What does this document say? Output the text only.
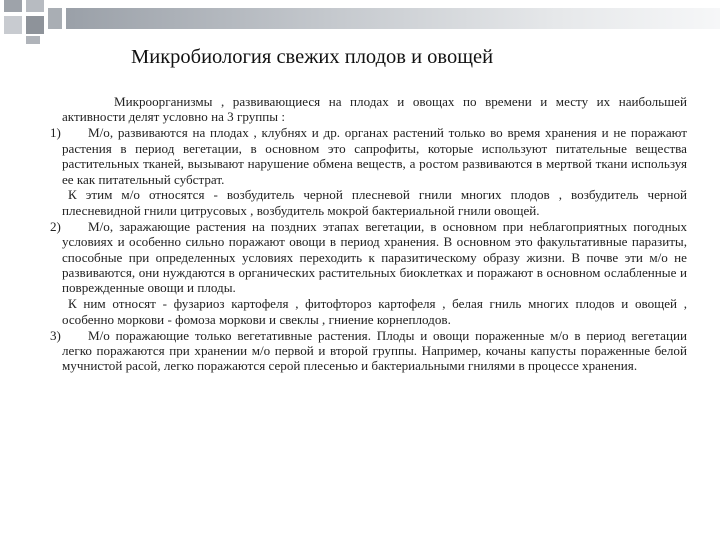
Микробиология свежих плодов и овощей

Микроорганизмы , развивающиеся на плодах и овощах по времени и месту их наибольшей активности делят условно на 3 группы :

1) М/о, развиваются на плодах , клубнях и др. органах растений только во время хранения и не поражают растения в период вегетации, в основном это сапрофиты, которые используют питательные вещества растительных тканей, вызывают нарушение обмена веществ, а ростом развиваются в мертвой ткани используя ее как питательный субстрат.

К этим м/о относятся - возбудитель черной плесневой гнили многих плодов , возбудитель черной плесневидной гнили цитрусовых , возбудитель мокрой бактериальной гнили овощей.

2) М/о, заражающие растения на поздних этапах вегетации, в основном при неблагоприятных погодных условиях и особенно сильно поражают овощи в период хранения. В основном это факультативные паразиты, способные при определенных условиях переходить к паразитическому образу жизни. В почве эти м/о не развиваются, они нуждаются в органических растительных биоклетках и поражают в основном ослабленные и поврежденные овощи и плоды.

К ним относят - фузариоз картофеля , фитофтороз картофеля , белая гниль многих плодов и овощей , особенно моркови - фомоза моркови и свеклы , гниение корнеплодов.

3) М/о поражающие только вегетативные растения. Плоды и овощи пораженные м/о в период вегетации легко поражаются при хранении м/о первой и второй группы. Например, кочаны капусты пораженные белой мучнистой расой, легко поражаются серой плесенью и бактериальными гнилями в процессе хранения.
